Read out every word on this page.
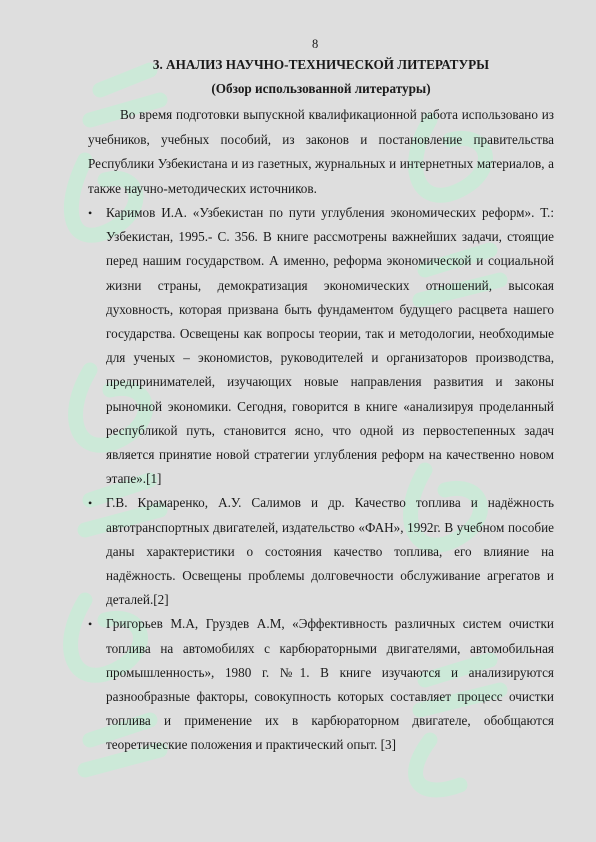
8
3. АНАЛИЗ НАУЧНО-ТЕХНИЧЕСКОЙ ЛИТЕРАТУРЫ
(Обзор использованной литературы)
Во время подготовки выпускной квалификационной работа использовано из учебников, учебных пособий, из законов и постановление правительства Республики Узбекистана и из газетных, журнальных и интернетных материалов, а также научно-методических источников.
• Каримов И.А. «Узбекистан по пути углубления экономических реформ». Т.: Узбекистан, 1995.- С. 356. В книге рассмотрены важнейших задачи, стоящие перед нашим государством. А именно, реформа экономической и социальной жизни страны, демократизация экономических отношений, высокая духовность, которая призвана быть фундаментом будущего расцвета нашего государства. Освещены как вопросы теории, так и методологии, необходимые для ученых – экономистов, руководителей и организаторов производства, предпринимателей, изучающих новые направления развития и законы рыночной экономики. Сегодня, говорится в книге «анализируя проделанный республикой путь, становится ясно, что одной из первостепенных задач является принятие новой стратегии углубления реформ на качественно новом этапе».[1]
• Г.В. Крамаренко, А.У. Салимов и др. Качество топлива и надёжность автотранспортных двигателей, издательство «ФАН», 1992г. В учебном пособие даны характеристики о состояния качество топлива, его влияние на надёжность. Освещены проблемы долговечности обслуживание агрегатов и деталей.[2]
• Григорьев М.А, Груздев А.М, «Эффективность различных систем очистки топлива на автомобилях с карбюраторными двигателями, автомобильная промышленность», 1980 г. №1. В книге изучаются и анализируются разнообразные факторы, совокупность которых составляет процесс очистки топлива и применение их в карбюраторном двигателе, обобщаются теоретические положения и практический опыт. [3]
